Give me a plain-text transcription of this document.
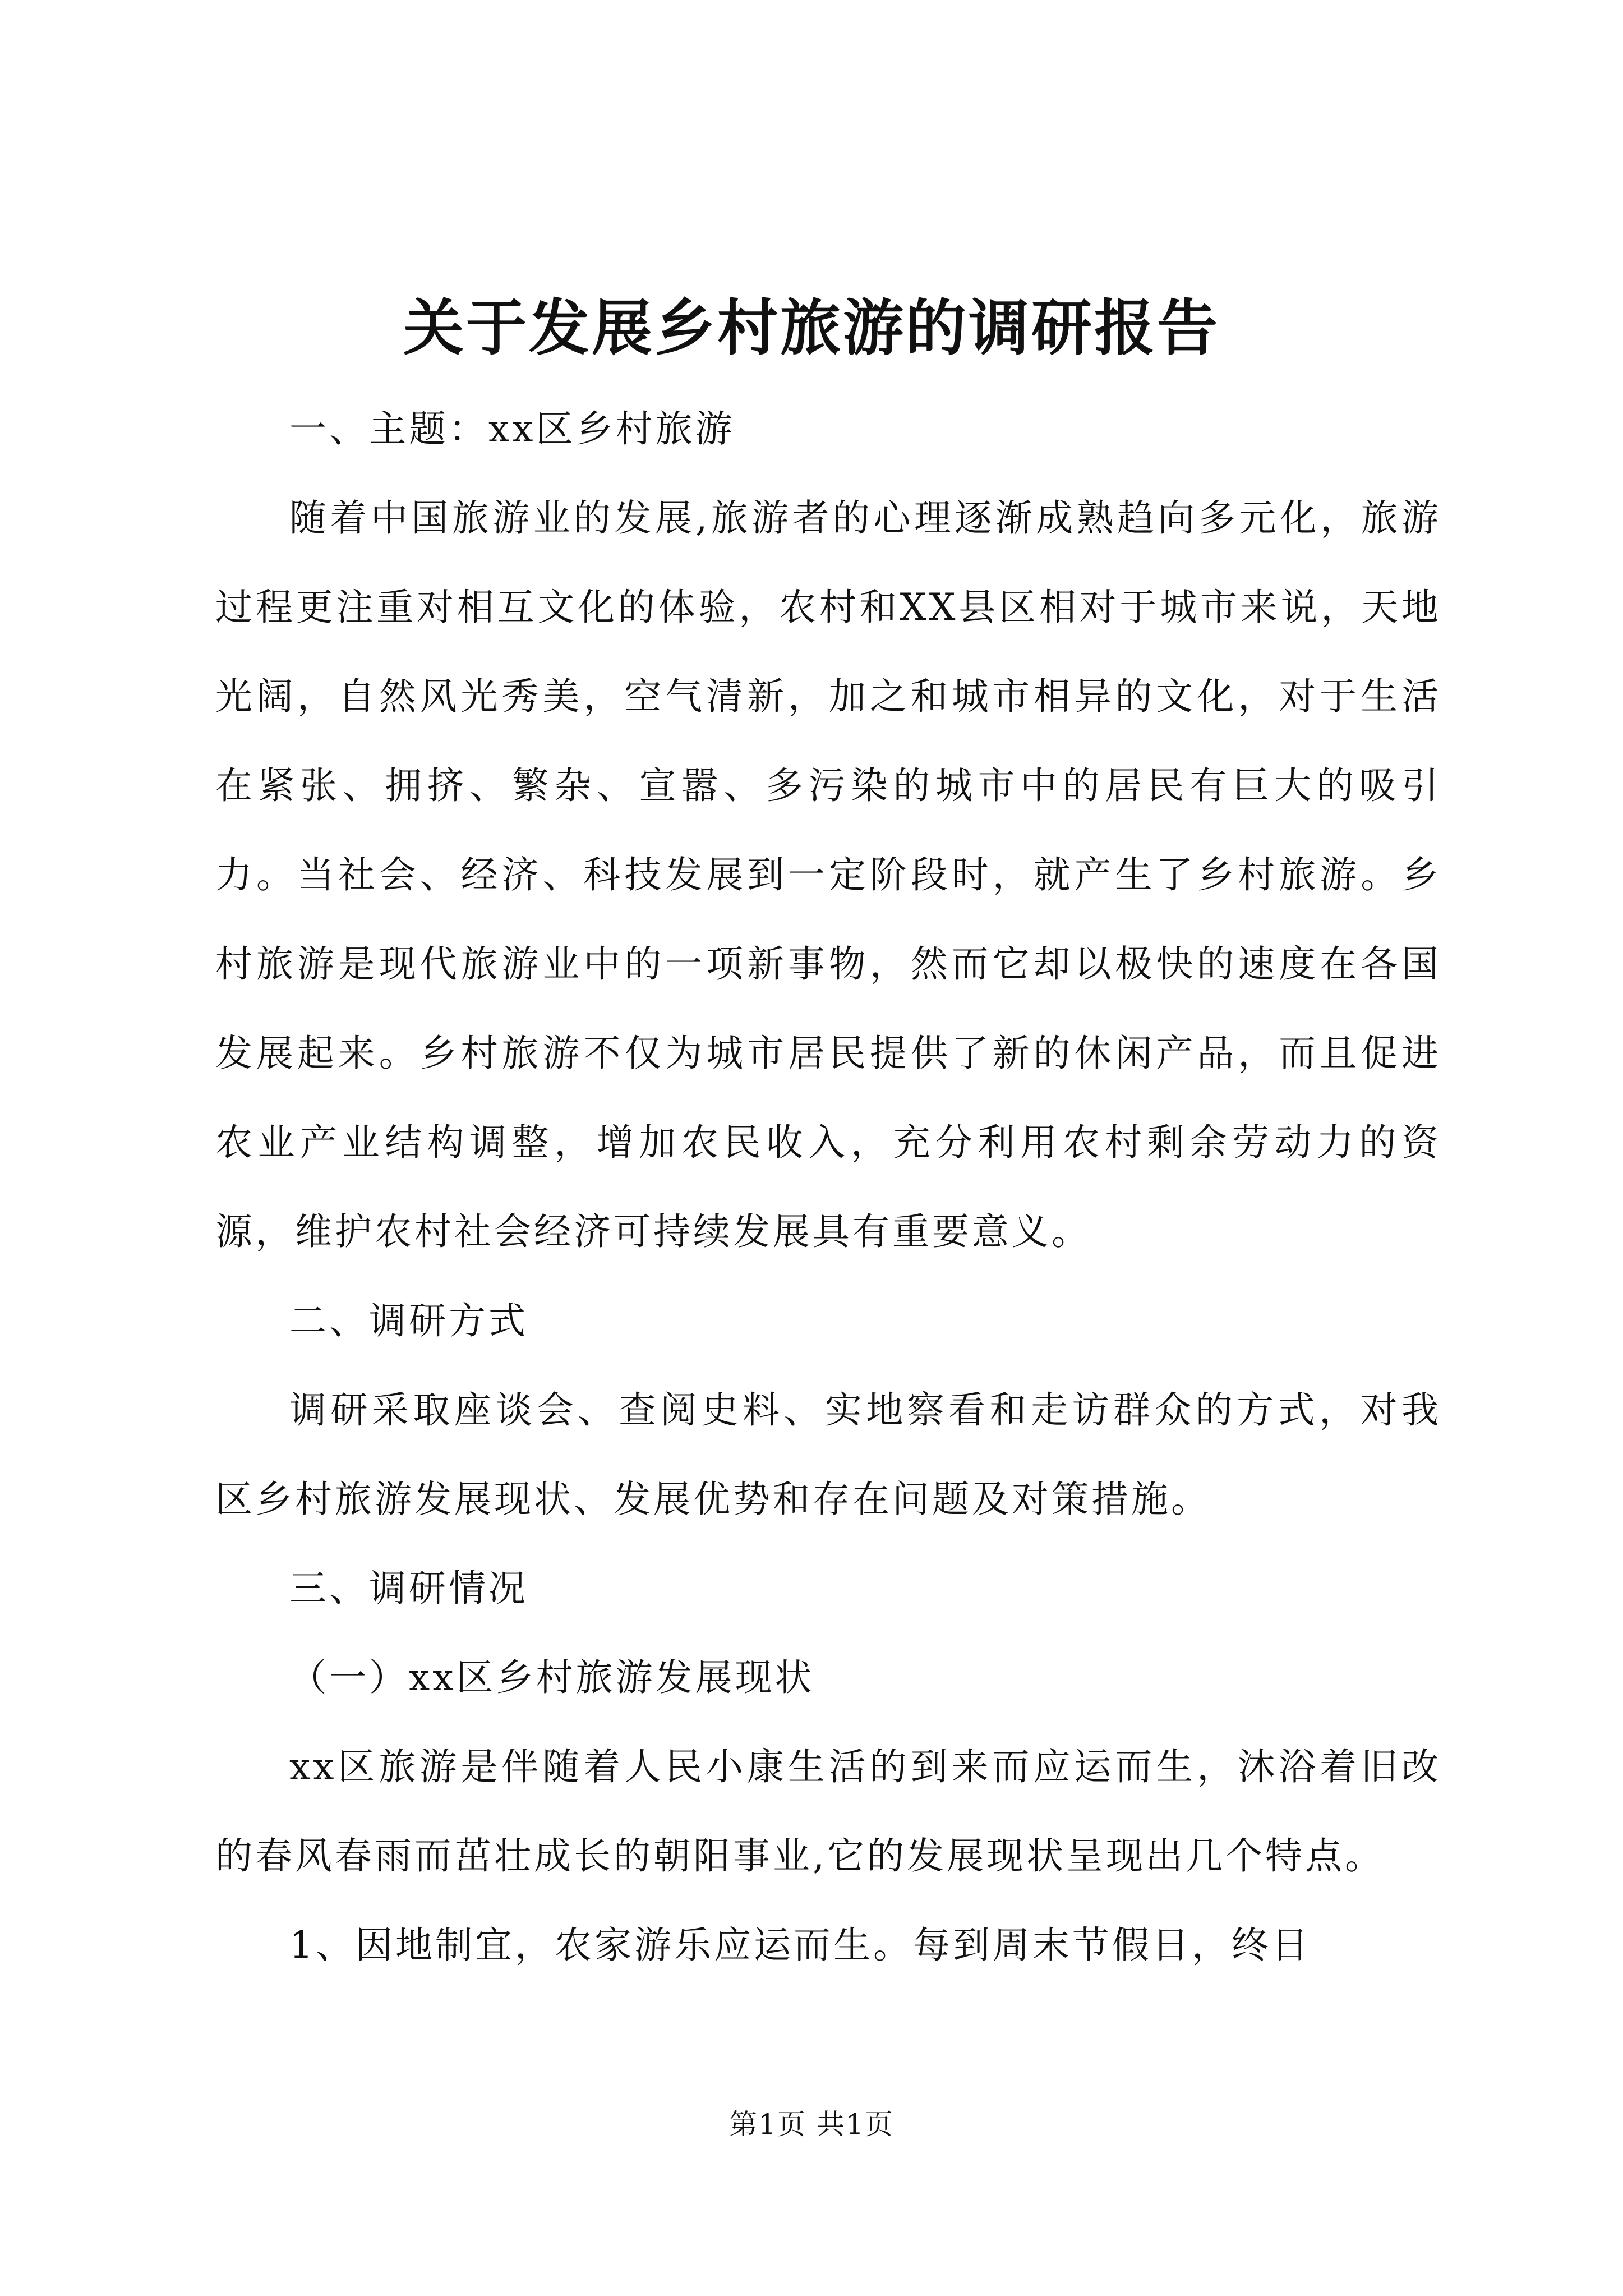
关于发展乡村旅游的调研报告

一、主题：xx区乡村旅游

随着中国旅游业的发展,旅游者的心理逐渐成熟趋向多元化，旅游过程更注重对相互文化的体验，农村和XX县区相对于城市来说，天地光阔，自然风光秀美，空气清新，加之和城市相异的文化，对于生活在紧张、拥挤、繁杂、宣嚣、多污染的城市中的居民有巨大的吸引力。当社会、经济、科技发展到一定阶段时，就产生了乡村旅游。乡村旅游是现代旅游业中的一项新事物，然而它却以极快的速度在各国发展起来。乡村旅游不仅为城市居民提供了新的休闲产品，而且促进农业产业结构调整，增加农民收入，充分利用农村剩余劳动力的资源，维护农村社会经济可持续发展具有重要意义。

二、调研方式

调研采取座谈会、查阅史料、实地察看和走访群众的方式，对我区乡村旅游发展现状、发展优势和存在问题及对策措施。

三、调研情况

（一）xx区乡村旅游发展现状

xx区旅游是伴随着人民小康生活的到来而应运而生，沐浴着旧改的春风春雨而茁壮成长的朝阳事业,它的发展现状呈现出几个特点。

1、因地制宜，农家游乐应运而生。每到周末节假日，终日

第1页 共1页
